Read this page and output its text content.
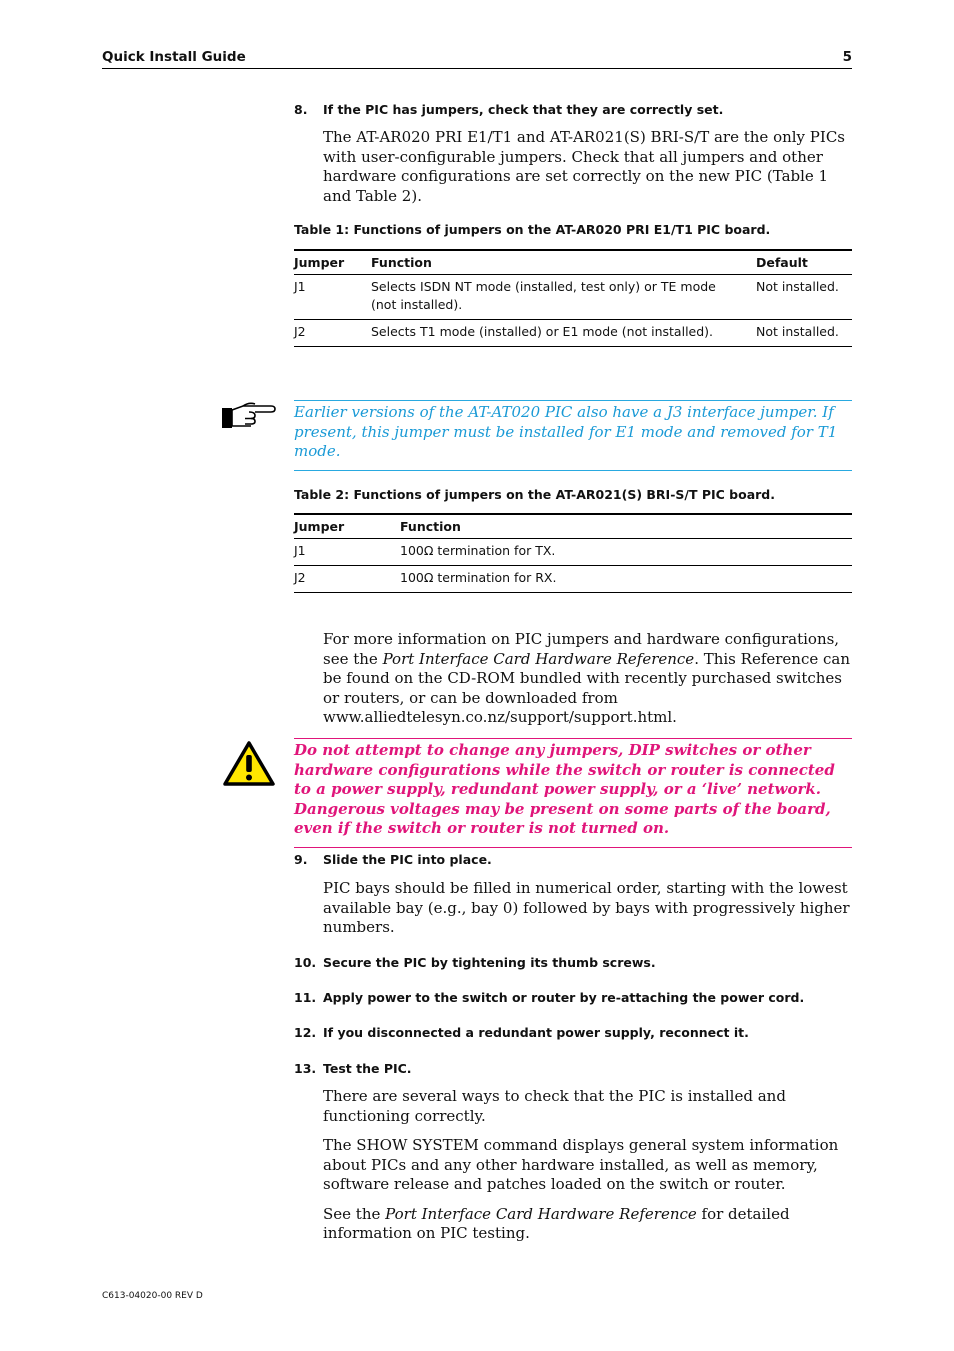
Quick Install Guide	5
8. If the PIC has jumpers, check that they are correctly set.

The AT-AR020 PRI E1/T1 and AT-AR021(S) BRI-S/T are the only PICs with user-configurable jumpers. Check that all jumpers and other hardware configurations are set correctly on the new PIC (Table 1 and Table 2).

Table 1: Functions of jumpers on the AT-AR020 PRI E1/T1 PIC board.
Jumper	Function	Default
J1	Selects ISDN NT mode (installed, test only) or TE mode (not installed).	Not installed.
J2	Selects T1 mode (installed) or E1 mode (not installed).	Not installed.
Earlier versions of the AT-AT020 PIC also have a J3 interface jumper. If present, this jumper must be installed for E1 mode and removed for T1 mode.
Table 2: Functions of jumpers on the AT-AR021(S) BRI-S/T PIC board.
Jumper	Function
J1	100Ω termination for TX.
J2	100Ω termination for RX.

For more information on PIC jumpers and hardware configurations, see the Port Interface Card Hardware Reference. This Reference can be found on the CD-ROM bundled with recently purchased switches or routers, or can be downloaded from www.alliedtelesyn.co.nz/support/support.html.

Do not attempt to change any jumpers, DIP switches or other hardware configurations while the switch or router is connected to a power supply, redundant power supply, or a ‘live’ network. Dangerous voltages may be present on some parts of the board, even if the switch or router is not turned on.
9. Slide the PIC into place.

PIC bays should be filled in numerical order, starting with the lowest available bay (e.g., bay 0) followed by bays with progressively higher numbers.

10. Secure the PIC by tightening its thumb screws.
11. Apply power to the switch or router by re-attaching the power cord.
12. If you disconnected a redundant power supply, reconnect it.
13. Test the PIC.

There are several ways to check that the PIC is installed and functioning correctly.

The SHOW SYSTEM command displays general system information about PICs and any other hardware installed, as well as memory, software release and patches loaded on the switch or router.

See the Port Interface Card Hardware Reference for detailed information on PIC testing.

C613-04020-00 REV D
